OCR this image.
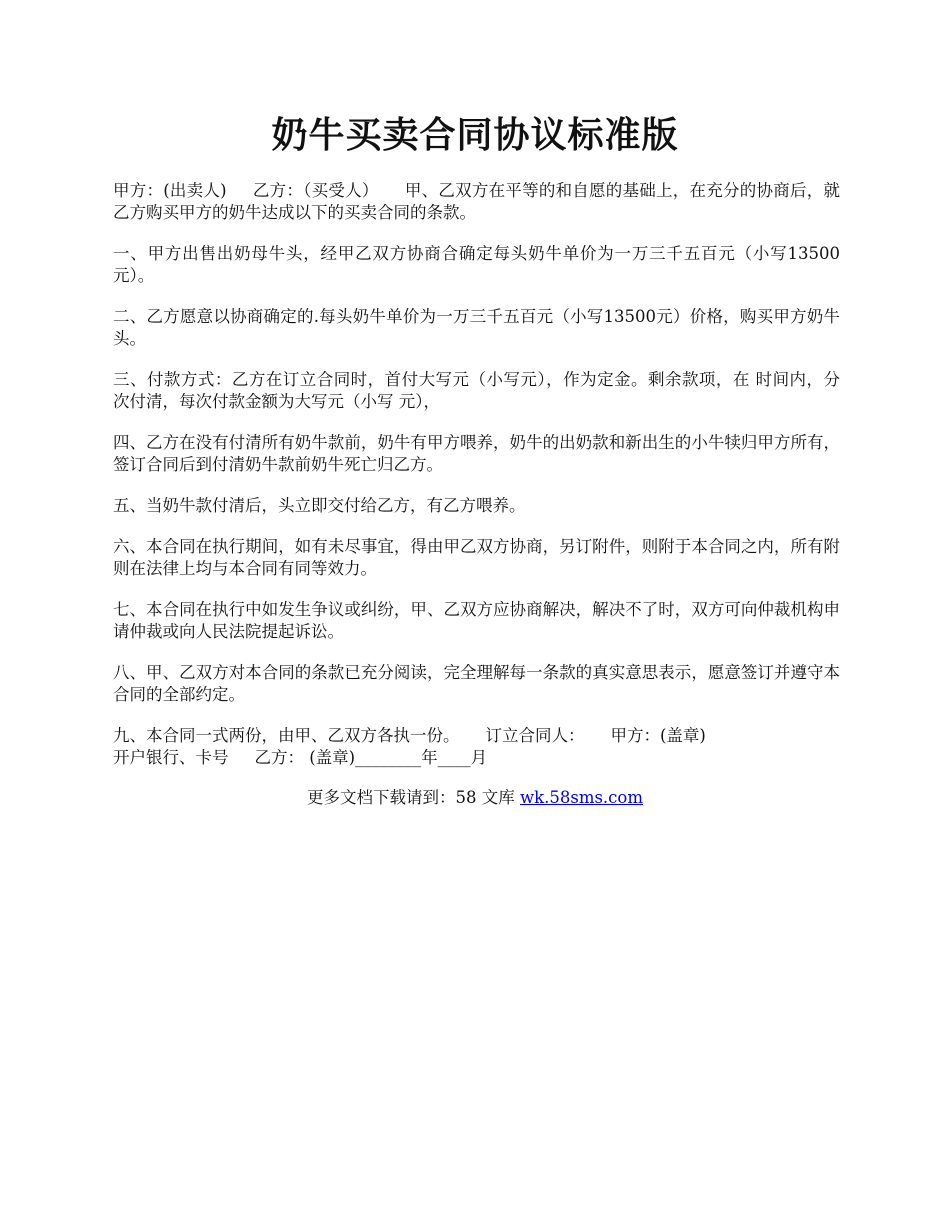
奶牛买卖合同协议标准版

甲方：(出卖人) 乙方：（买受人） 甲、乙双方在平等的和自愿的基础上，在充分的协商后，就乙方购买甲方的奶牛达成以下的买卖合同的条款。

一、甲方出售出奶母牛头，经甲乙双方协商合确定每头奶牛单价为一万三千五百元（小写13500元）。

二、乙方愿意以协商确定的.每头奶牛单价为一万三千五百元（小写13500元）价格，购买甲方奶牛 头。

三、付款方式：乙方在订立合同时，首付大写元（小写元），作为定金。剩余款项，在 时间内，分 次付清，每次付款金额为大写元（小写 元），

四、乙方在没有付清所有奶牛款前，奶牛有甲方喂养，奶牛的出奶款和新出生的小牛犊归甲方所有，签订合同后到付清奶牛款前奶牛死亡归乙方。

五、当奶牛款付清后，头立即交付给乙方，有乙方喂养。

六、本合同在执行期间，如有未尽事宜，得由甲乙双方协商，另订附件，则附于本合同之内，所有附则在法律上均与本合同有同等效力。

七、本合同在执行中如发生争议或纠纷，甲、乙双方应协商解决，解决不了时，双方可向仲裁机构申请仲裁或向人民法院提起诉讼。

八、甲、乙双方对本合同的条款已充分阅读，完全理解每一条款的真实意思表示，愿意签订并遵守本合同的全部约定。

九、本合同一式两份，由甲、乙双方各执一份。 订立合同人： 甲方：(盖章)
开户银行、卡号 乙方： (盖章)________年____月

更多文档下载请到：58 文库 wk.58sms.com
